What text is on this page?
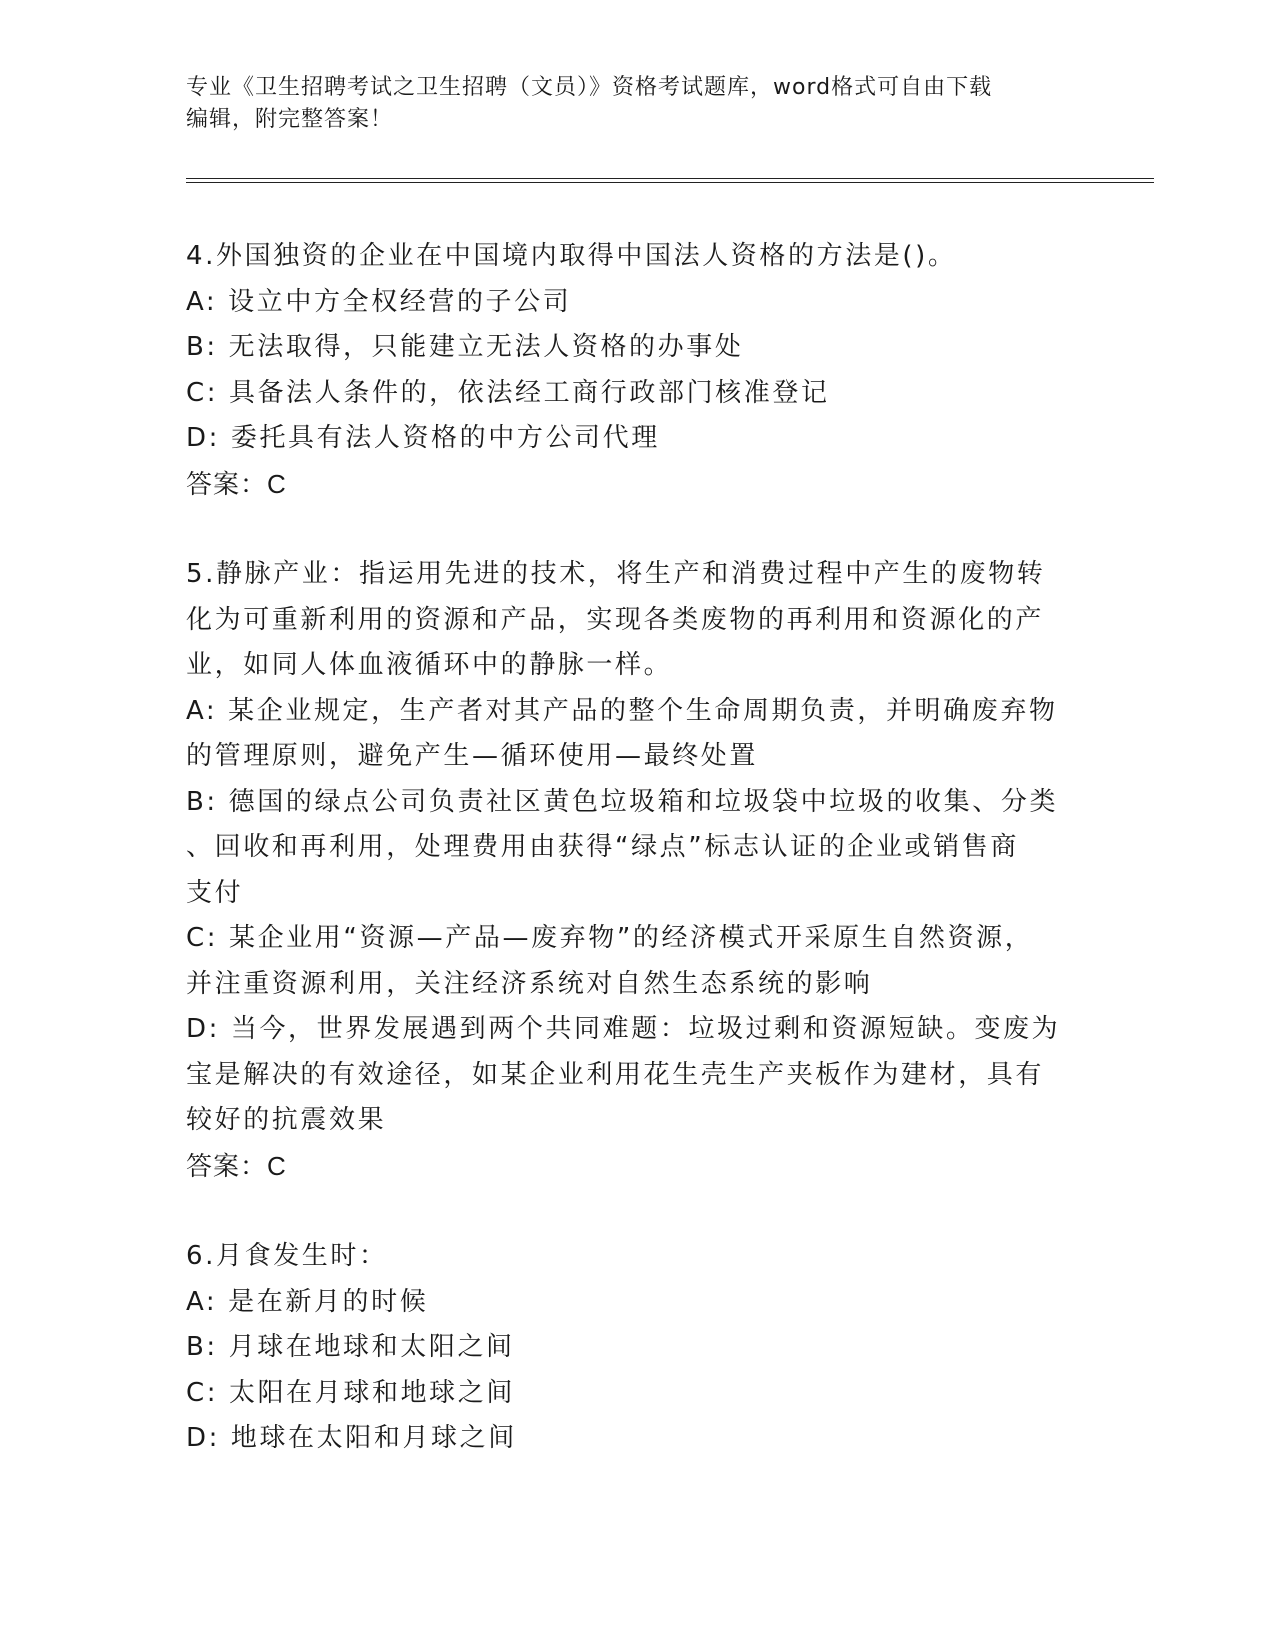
专业《卫生招聘考试之卫生招聘（文员）》资格考试题库，word格式可自由下载
编辑，附完整答案！
4.外国独资的企业在中国境内取得中国法人资格的方法是()。
A: 设立中方全权经营的子公司
B: 无法取得，只能建立无法人资格的办事处
C: 具备法人条件的，依法经工商行政部门核准登记
D: 委托具有法人资格的中方公司代理
答案：C
5.静脉产业：指运用先进的技术，将生产和消费过程中产生的废物转
化为可重新利用的资源和产品，实现各类废物的再利用和资源化的产
业，如同人体血液循环中的静脉一样。
A: 某企业规定，生产者对其产品的整个生命周期负责，并明确废弃物
的管理原则，避免产生—循环使用—最终处置
B: 德国的绿点公司负责社区黄色垃圾箱和垃圾袋中垃圾的收集、分类
、回收和再利用，处理费用由获得“绿点”标志认证的企业或销售商
支付
C: 某企业用“资源—产品—废弃物”的经济模式开采原生自然资源，
并注重资源利用，关注经济系统对自然生态系统的影响
D: 当今，世界发展遇到两个共同难题：垃圾过剩和资源短缺。变废为
宝是解决的有效途径，如某企业利用花生壳生产夹板作为建材，具有
较好的抗震效果
答案：C
6.月食发生时：
A: 是在新月的时候
B: 月球在地球和太阳之间
C: 太阳在月球和地球之间
D: 地球在太阳和月球之间
